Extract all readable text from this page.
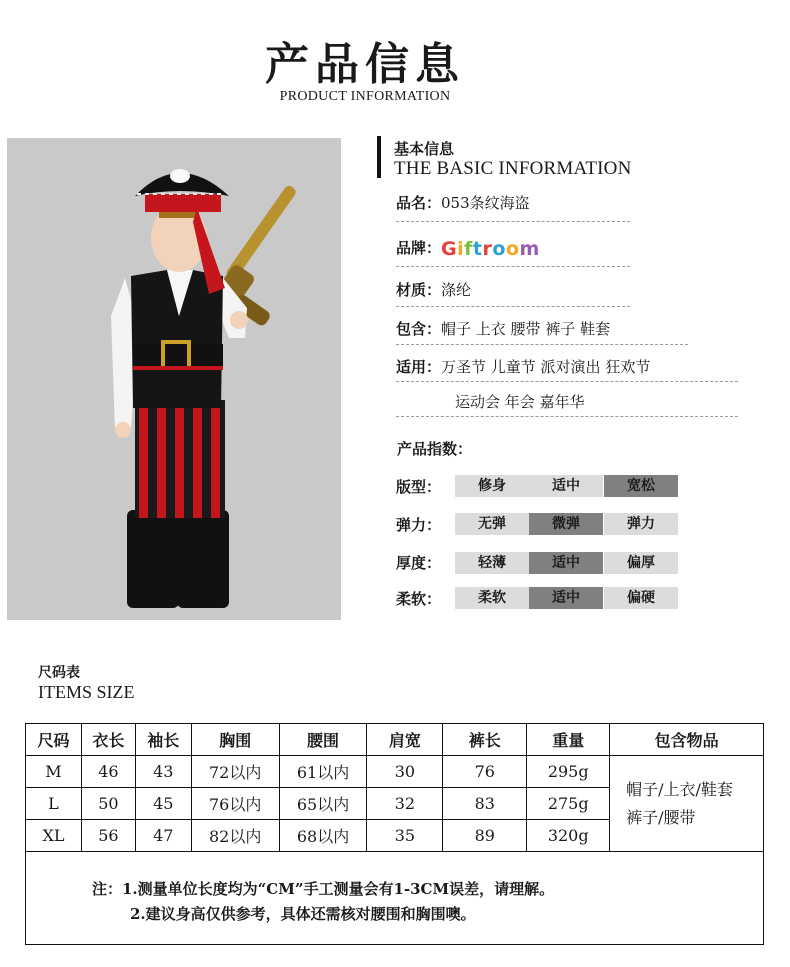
产品信息
PRODUCT INFORMATION
基本信息
THE BASIC INFORMATION
品名：053条纹海盗
品牌：Giftroom
材质：涤纶
包含：帽子 上衣 腰带 裤子 鞋套
适用：万圣节 儿童节 派对演出 狂欢节
运动会 年会 嘉年华
产品指数：
版型：	修身	适中	宽松
弹力：	无弹	微弹	弹力
厚度：	轻薄	适中	偏厚
柔软：	柔软	适中	偏硬
尺码表
ITEMS SIZE
尺码	衣长	袖长	胸围	腰围	肩宽	裤长	重量	包含物品
M	46	43	72以内	61以内	30	76	295g	帽子/上衣/鞋套
裤子/腰带

L	50	45	76以内	65以内	32	83	275g	
XL	56	47	82以内	68以内	35	89	320g	
注：1.测量单位长度均为“CM”手工测量会有1-3CM误差，请理解。
2.建议身高仅供参考，具体还需核对腰围和胸围噢。
